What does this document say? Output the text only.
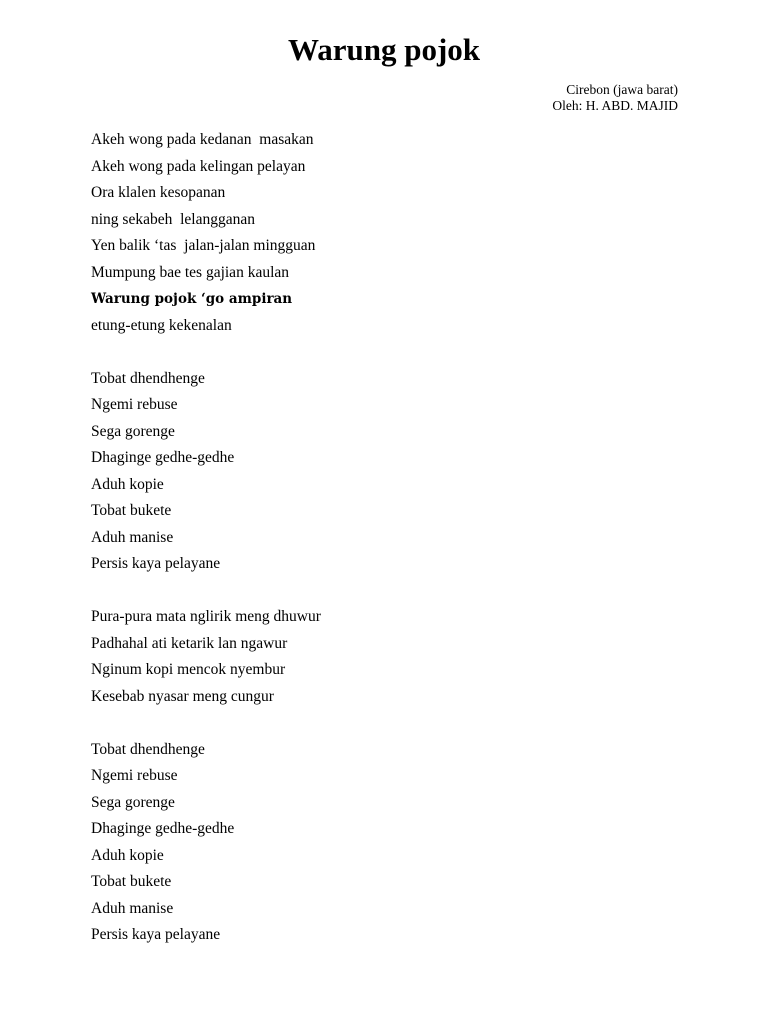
Warung pojok
Cirebon (jawa barat)
Oleh: H. ABD. MAJID
Akeh wong pada kedanan  masakan
Akeh wong pada kelingan pelayan
Ora klalen kesopanan
ning sekabeh  lelangganan
Yen balik ‘tas  jalan-jalan mingguan
Mumpung bae tes gajian kaulan
Warung pojok ‘go ampiran
etung-etung kekenalan
Tobat dhendhenge
Ngemi rebuse
Sega gorenge
Dhaginge gedhe-gedhe
Aduh kopie
Tobat bukete
Aduh manise
Persis kaya pelayane
Pura-pura mata nglirik meng dhuwur
Padhahal ati ketarik lan ngawur
Nginum kopi mencok nyembur
Kesebab nyasar meng cungur
Tobat dhendhenge
Ngemi rebuse
Sega gorenge
Dhaginge gedhe-gedhe
Aduh kopie
Tobat bukete
Aduh manise
Persis kaya pelayane
